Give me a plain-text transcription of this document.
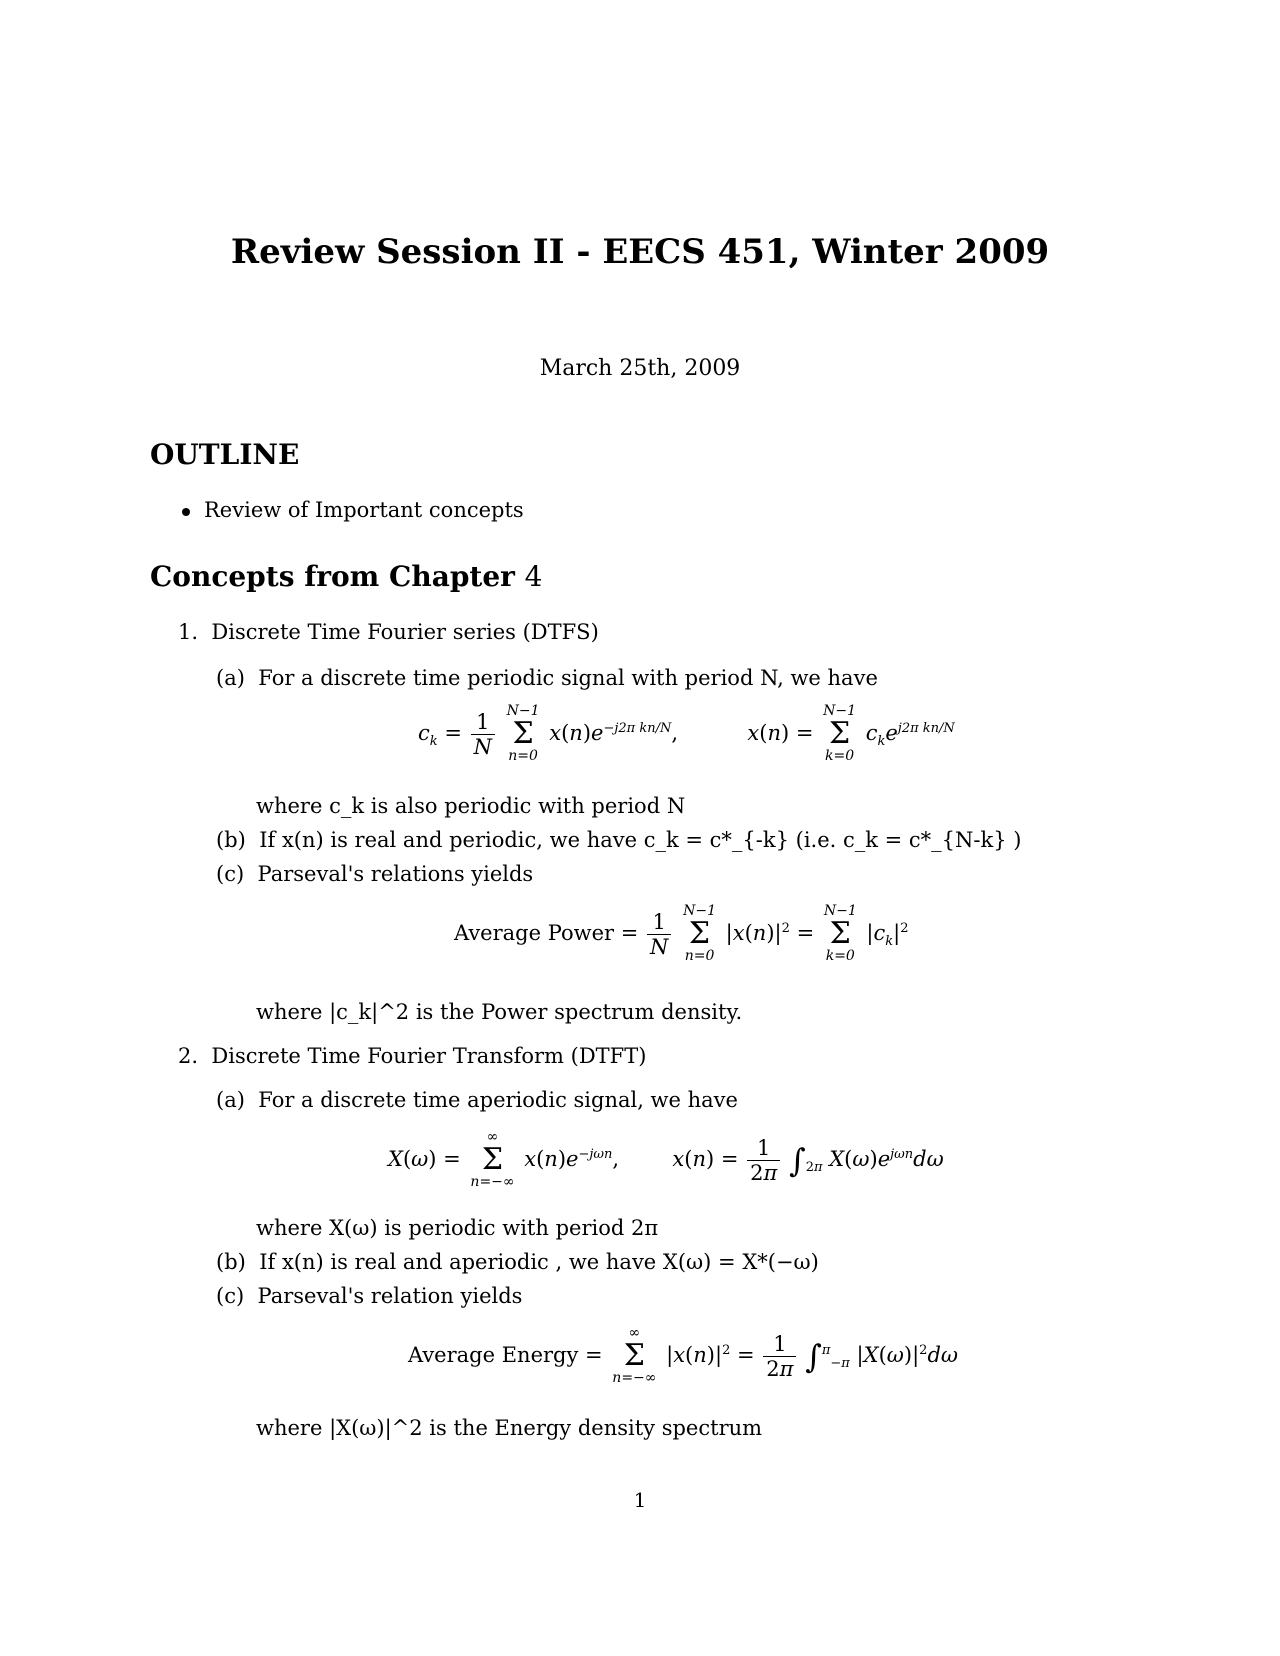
Review Session II - EECS 451, Winter 2009
March 25th, 2009
OUTLINE
Review of Important concepts
Concepts from Chapter 4
1. Discrete Time Fourier series (DTFS)
(a) For a discrete time periodic signal with period N, we have
$c_k = \frac{1}{N}$
N−1
Σ
n=0
$x(n)e^{-j2\pi kn/N}$,	x(n) =
N−1
Σ
k=0
$c_ke^{j2\pi kn/N}$
where c_k is also periodic with period N
(b) If x(n) is real and periodic, we have c_k = c*_{-k} (i.e. c_k = c*_{N-k} )
(c) Parseval's relations yields
Average Power = $\frac{1}{N}$
N−1
Σ
n=0
$|x(n)|^2$ =
N−1
Σ
k=0
$|c_k|^2$
where |c_k|^2 is the Power spectrum density.
2. Discrete Time Fourier Transform (DTFT)
(a) For a discrete time aperiodic signal, we have
X(ω) =
∞
Σ
n=−∞
$x(n)e^{-j\omega n}$,  $x(n) = \frac{1}{2\pi} \int_{2\pi}$ $X(\omega)e^{j\omega n}d\omega$
where X(ω) is periodic with period 2π
(b) If x(n) is real and aperiodic , we have X(ω) = X*(−ω)
(c) Parseval's relation yields
Average Energy =
∞
Σ
n=−∞
$|x(n)|^2 = \frac{1}{2\pi} \int^\pi_{-\pi}$ $|X(\omega)|^2d\omega$
where |X(ω)|^2 is the Energy density spectrum
1
